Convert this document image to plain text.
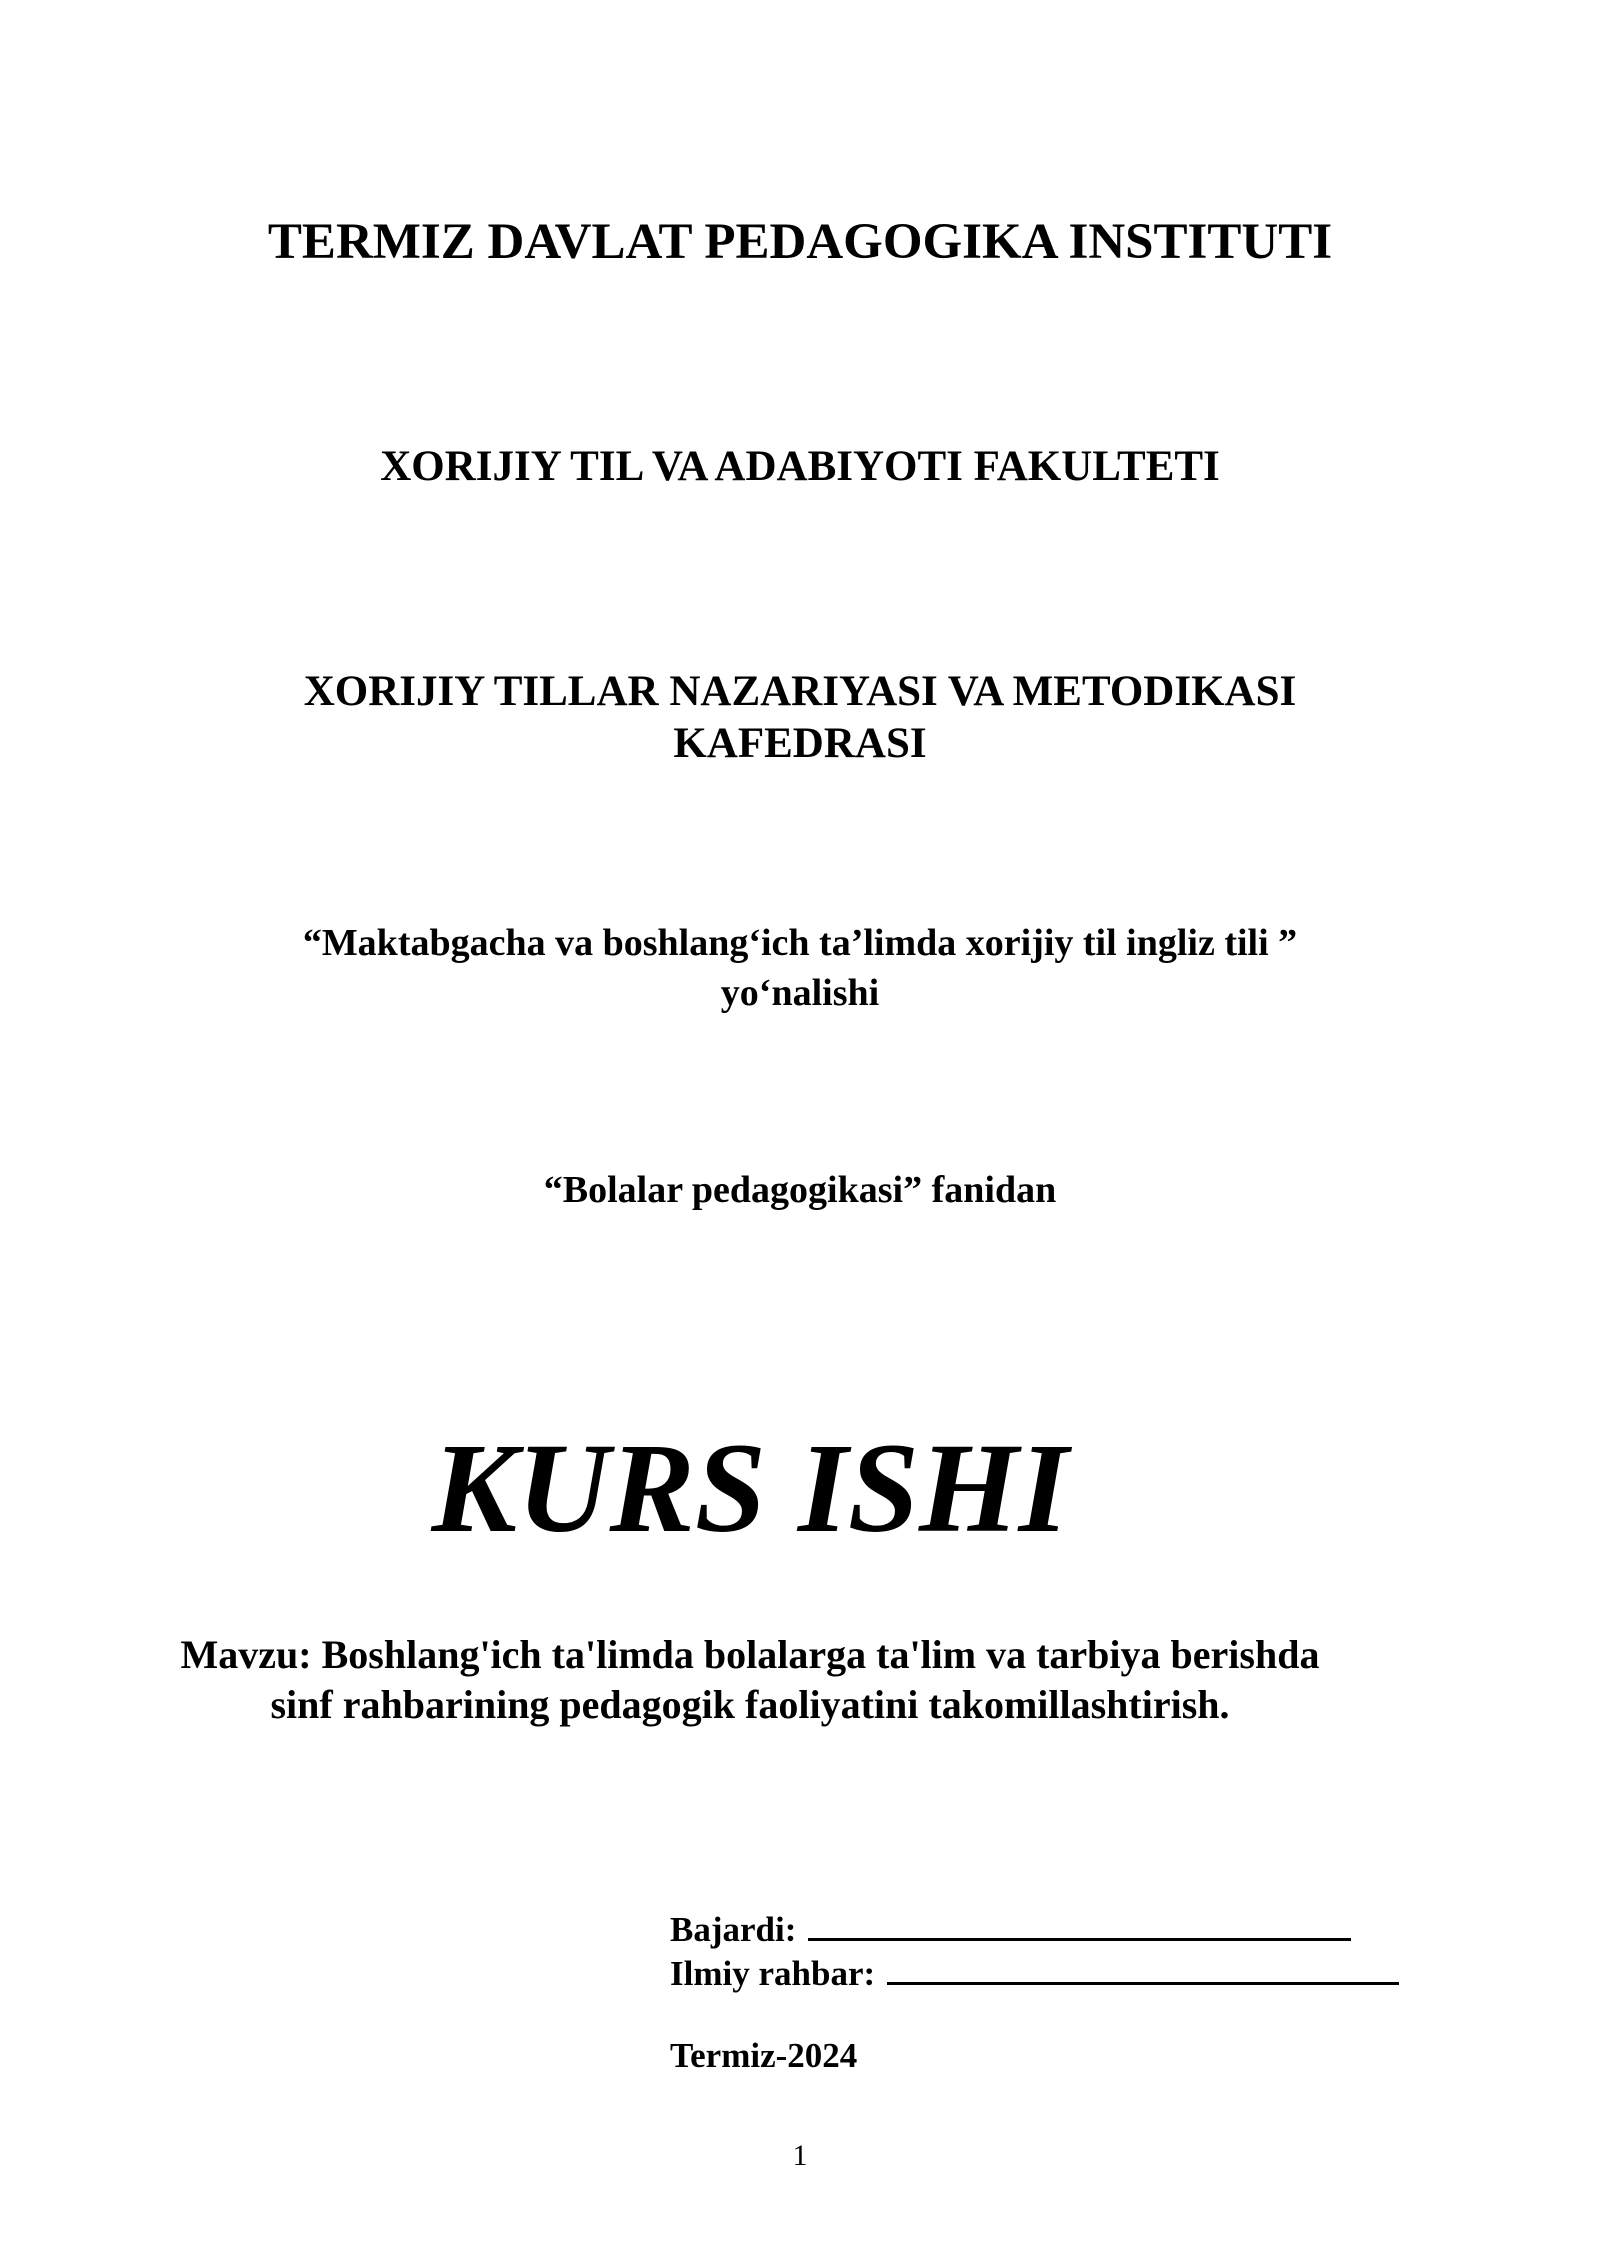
TERMIZ DAVLAT PEDAGOGIKA INSTITUTI

XORIJIY TIL VA ADABIYOTI FAKULTETI

XORIJIY TILLAR NAZARIYASI VA METODIKASI
KAFEDRASI
“Maktabgacha va boshlang‘ich ta’limda xorijiy til ingliz tili ”
yo‘nalishi

“Bolalar pedagogikasi” fanidan

KURS ISHI
Mavzu: Boshlang'ich ta'limda bolalarga ta'lim va tarbiya berishda
sinf rahbarining pedagogik faoliyatini takomillashtirish.
Bajardi:
Ilmiy rahbar:
Termiz-2024
1
